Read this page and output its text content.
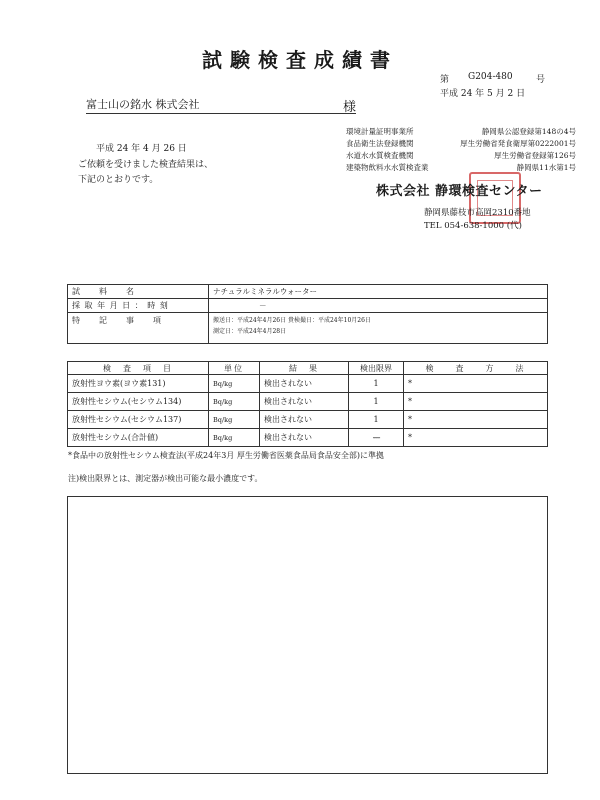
試験検査成績書
第 G204-480	号
平成 24 年 5 月 2 日
富士山の銘水 株式会社	様
平成 24 年 4 月 26 日
ご依頼を受けました検査結果は、
下記のとおりです。
環境計量証明事業所	静岡県公認登録第148の4号
食品衛生法登録機関	厚生労働省発食衛厚第0222001号
水道水水質検査機関	厚生労働省登録第126号
建築物飲料水水質検査業	静岡県11水第1号
株式会社 静環検査センター
静岡県藤枝市高岡2310番地
TEL 054-638-1000 (代)
試　　料　　名	ナチュラルミネラルウォーター
採 取 年 月 日 ： 時 刻	－
特　　記　　事　　項	搬送日：平成24年4月26日 貴検撮日：平成24年10月26日
測定日：平成24年4月28日
検　査　項　目	単位	結　果	検出限界	検　　査　　方　　法
放射性ヨウ素(ヨウ素131)	Bq/kg	検出されない	1	*
放射性セシウム(セシウム134)	Bq/kg	検出されない	1	*
放射性セシウム(セシウム137)	Bq/kg	検出されない	1	*
放射性セシウム(合計値)	Bq/kg	検出されない	----	*
*食品中の放射性セシウム検査法(平成24年3月 厚生労働省医薬食品局食品安全部)に準拠
注)検出限界とは、測定器が検出可能な最小濃度です。
